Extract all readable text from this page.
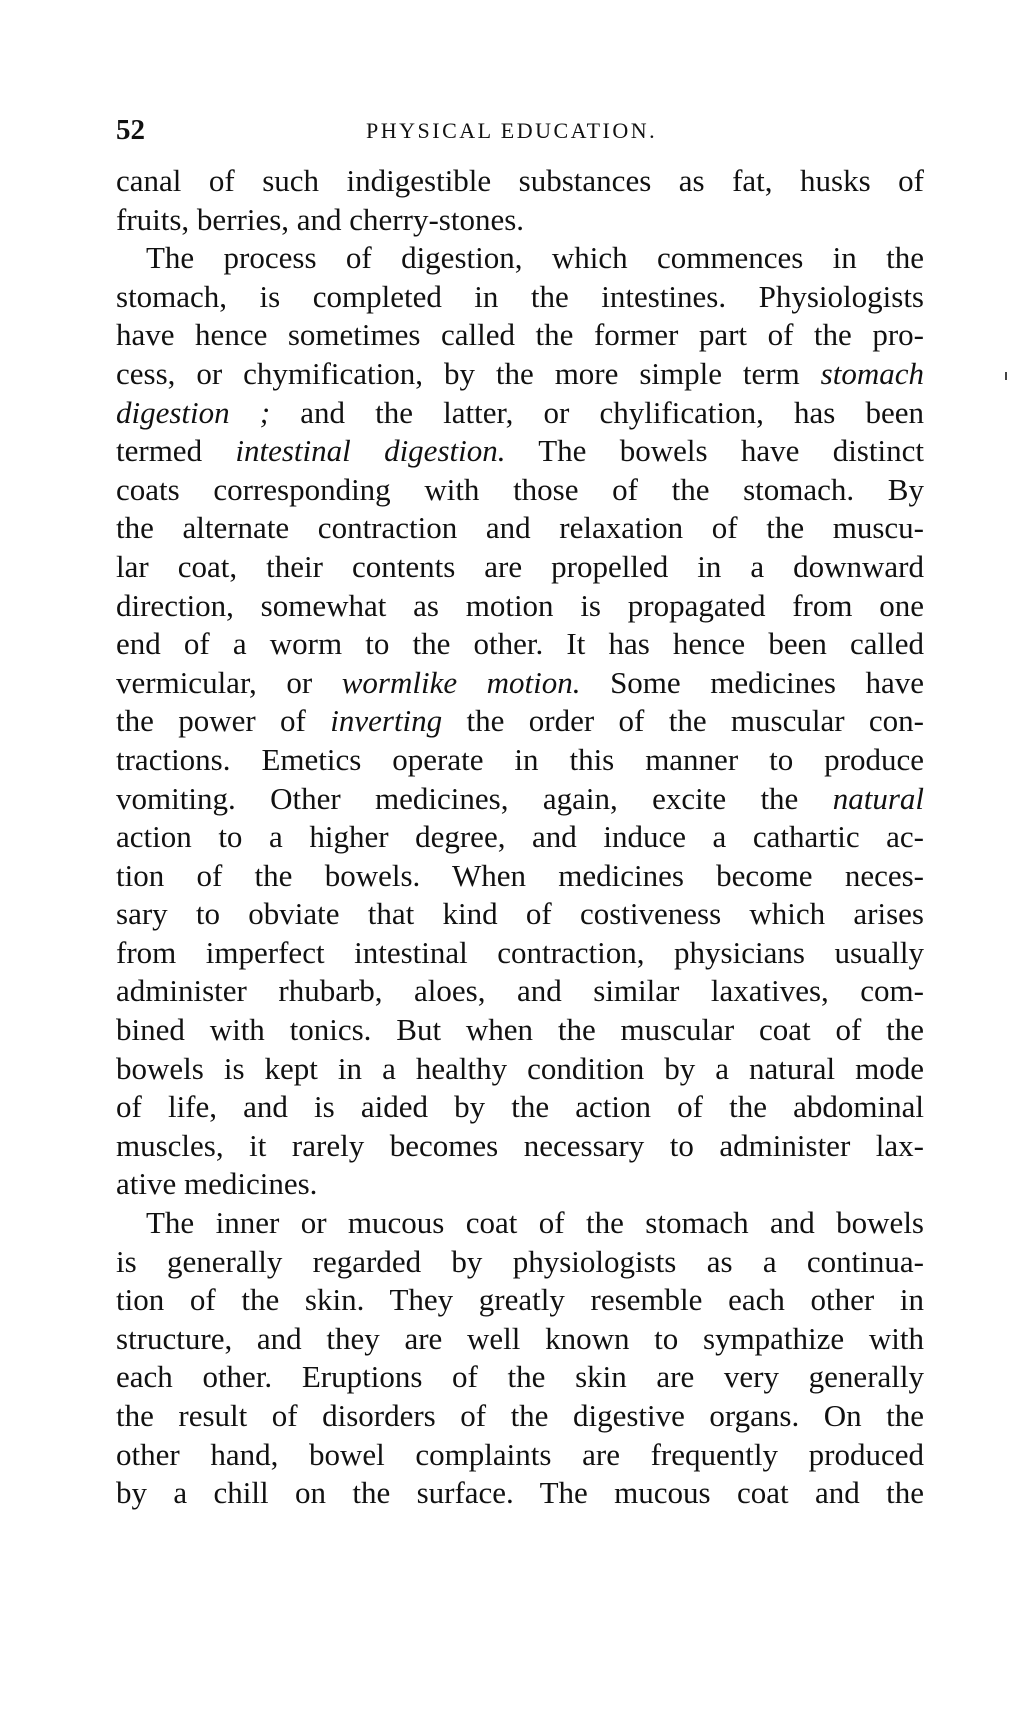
52	PHYSICAL EDUCATION.
canal of such indigestible substances as fat, husks of
fruits, berries, and cherry-stones.
The process of digestion, which commences in the
stomach, is completed in the intestines. Physiologists
have hence sometimes called the former part of the pro-
cess, or chymification, by the more simple term stomach
digestion ; and the latter, or chylification, has been
termed intestinal digestion. The bowels have distinct
coats corresponding with those of the stomach. By
the alternate contraction and relaxation of the muscu-
lar coat, their contents are propelled in a downward
direction, somewhat as motion is propagated from one
end of a worm to the other. It has hence been called
vermicular, or wormlike motion. Some medicines have
the power of inverting the order of the muscular con-
tractions. Emetics operate in this manner to produce
vomiting. Other medicines, again, excite the natural
action to a higher degree, and induce a cathartic ac-
tion of the bowels. When medicines become neces-
sary to obviate that kind of costiveness which arises
from imperfect intestinal contraction, physicians usually
administer rhubarb, aloes, and similar laxatives, com-
bined with tonics. But when the muscular coat of the
bowels is kept in a healthy condition by a natural mode
of life, and is aided by the action of the abdominal
muscles, it rarely becomes necessary to administer lax-
ative medicines.
The inner or mucous coat of the stomach and bowels
is generally regarded by physiologists as a continua-
tion of the skin. They greatly resemble each other in
structure, and they are well known to sympathize with
each other. Eruptions of the skin are very generally
the result of disorders of the digestive organs. On the
other hand, bowel complaints are frequently produced
by a chill on the surface. The mucous coat and the
